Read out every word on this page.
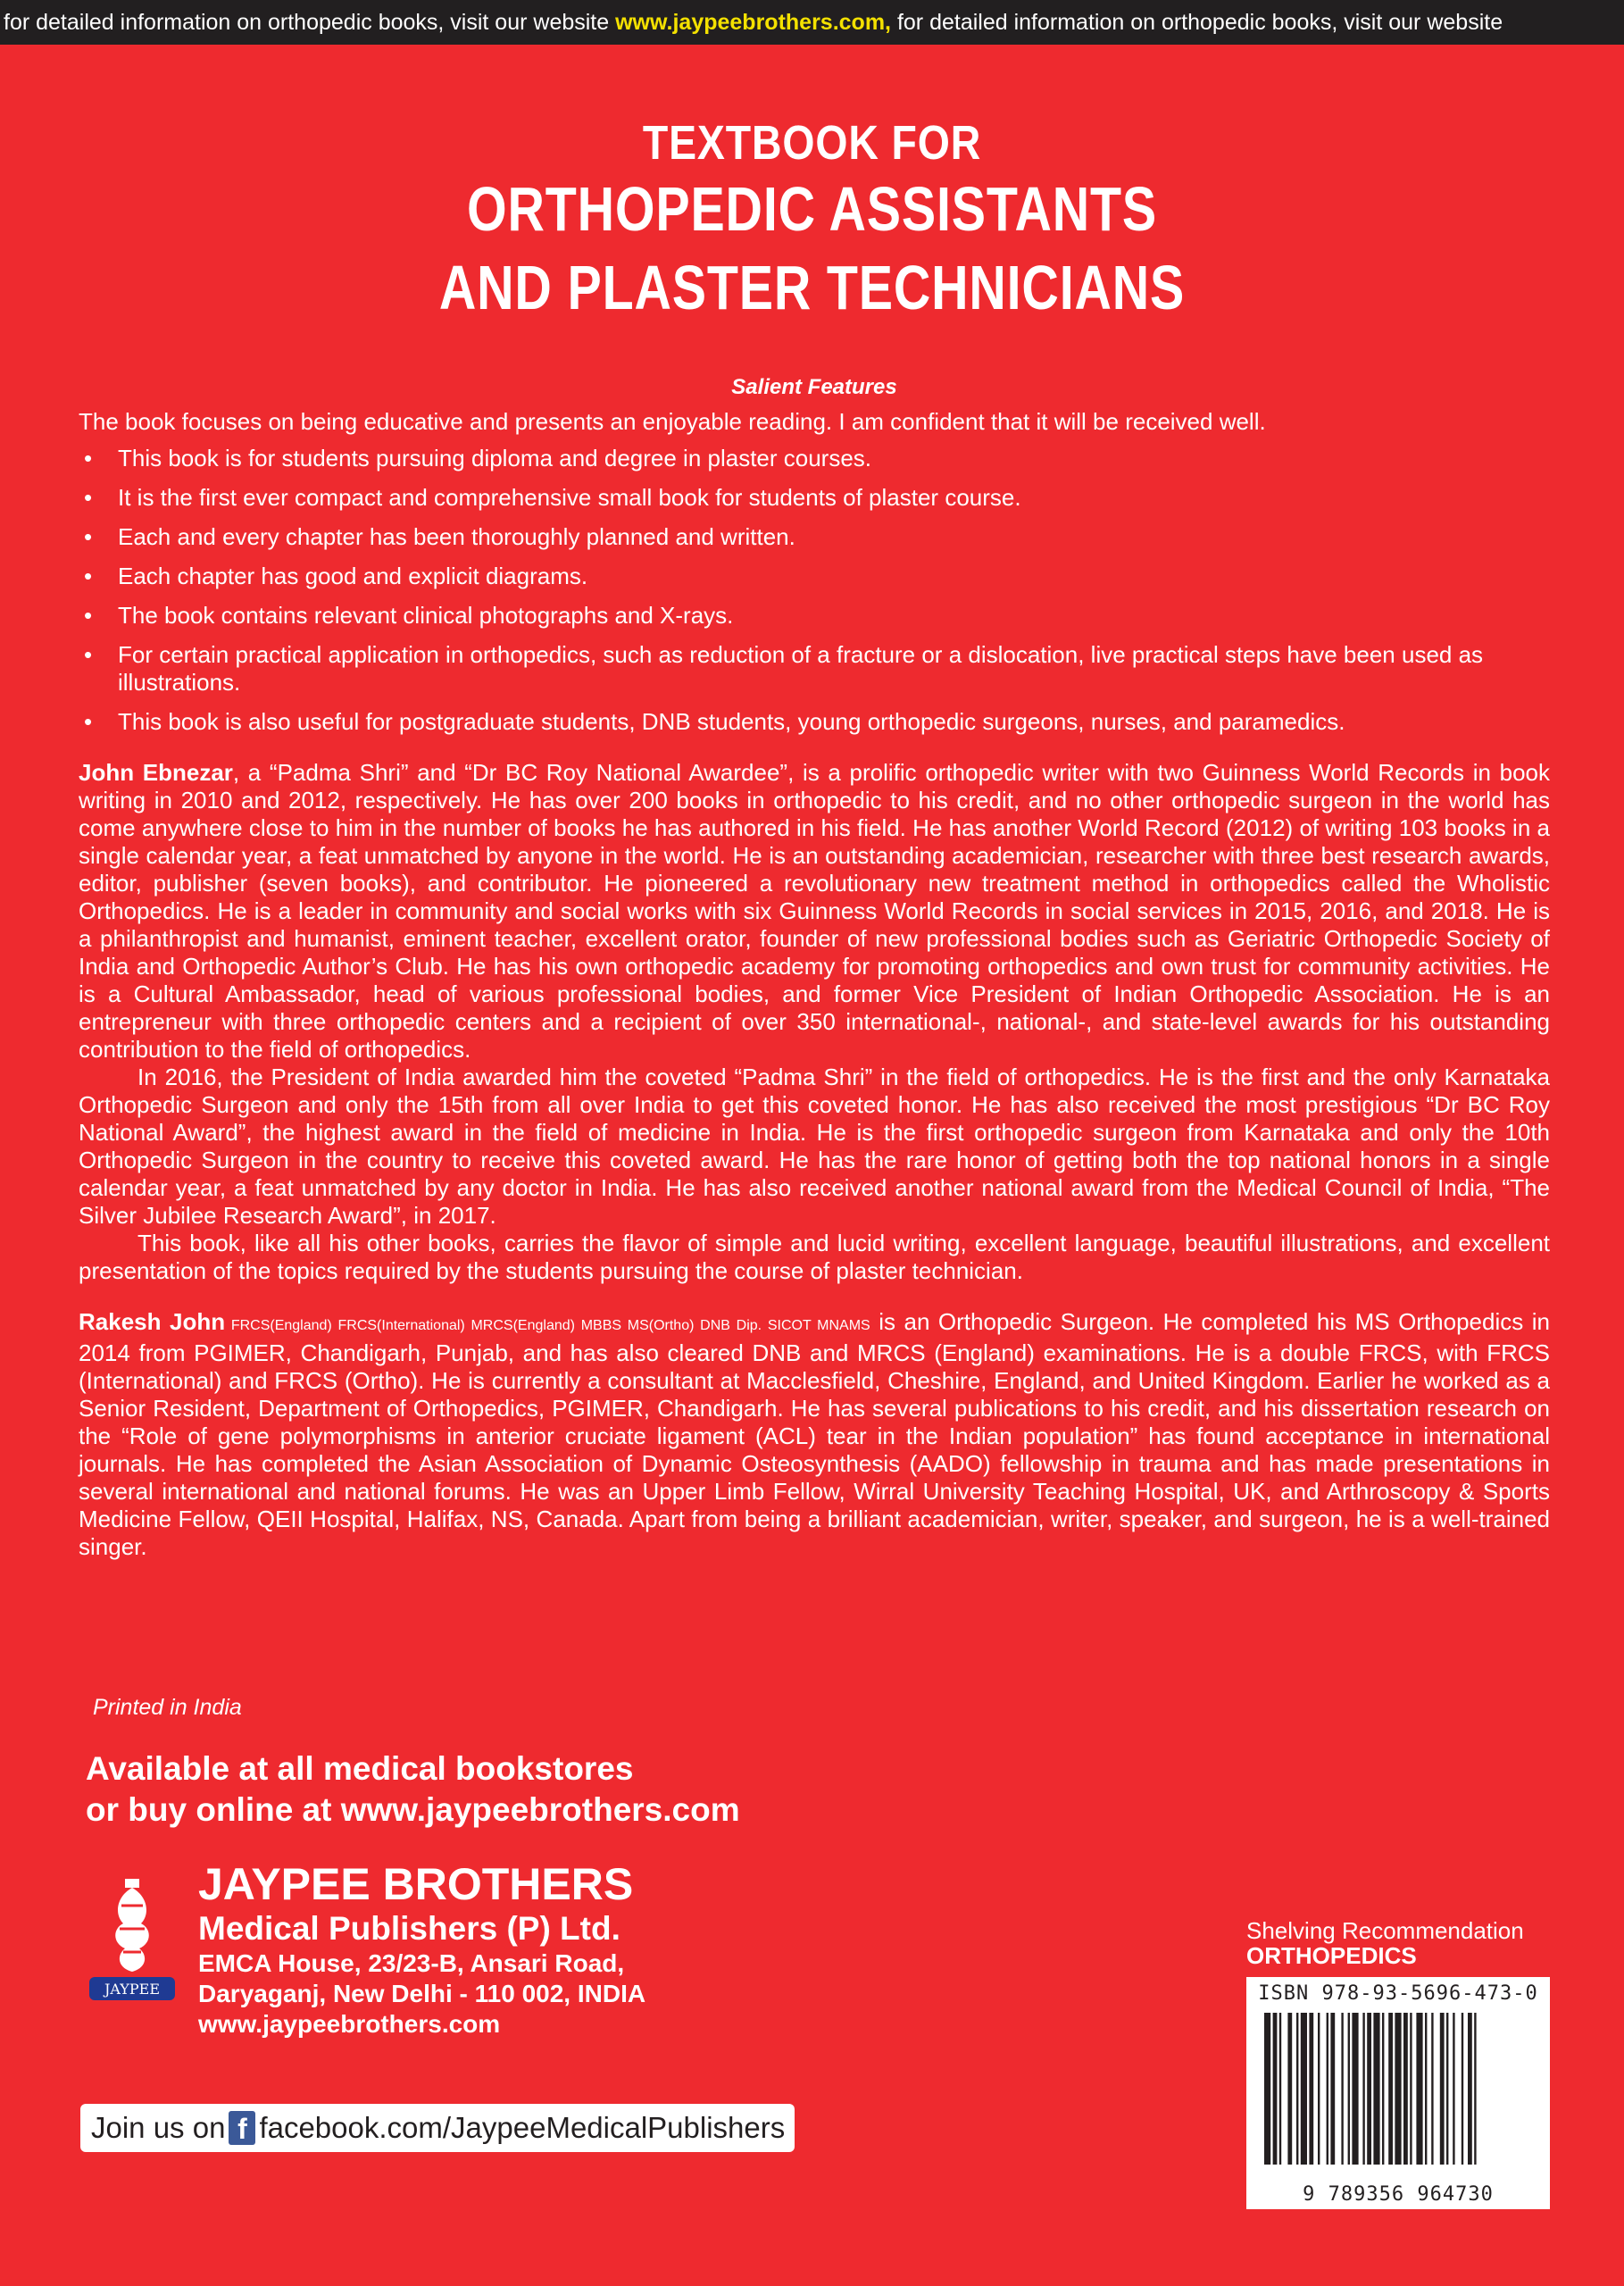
for detailed information on orthopedic books, visit our website www.jaypeebrothers.com, for detailed information on orthopedic books, visit our website
TEXTBOOK FOR
ORTHOPEDIC ASSISTANTS
AND PLASTER TECHNICIANS
Salient Features

The book focuses on being educative and presents an enjoyable reading. I am confident that it will be received well.

• This book is for students pursuing diploma and degree in plaster courses.
• It is the first ever compact and comprehensive small book for students of plaster course.
• Each and every chapter has been thoroughly planned and written.
• Each chapter has good and explicit diagrams.
• The book contains relevant clinical photographs and X-rays.
• For certain practical application in orthopedics, such as reduction of a fracture or a dislocation, live practical steps have been used as illustrations.
• This book is also useful for postgraduate students, DNB students, young orthopedic surgeons, nurses, and paramedics.

John Ebnezar, a “Padma Shri” and “Dr BC Roy National Awardee”, is a prolific orthopedic writer with two Guinness World Records in book writing in 2010 and 2012, respectively. He has over 200 books in orthopedic to his credit, and no other orthopedic surgeon in the world has come anywhere close to him in the number of books he has authored in his field. He has another World Record (2012) of writing 103 books in a single calendar year, a feat unmatched by anyone in the world. He is an outstanding academician, researcher with three best research awards, editor, publisher (seven books), and contributor. He pioneered a revolutionary new treatment method in orthopedics called the Wholistic Orthopedics. He is a leader in community and social works with six Guinness World Records in social services in 2015, 2016, and 2018. He is a philanthropist and humanist, eminent teacher, excellent orator, founder of new professional bodies such as Geriatric Orthopedic Society of India and Orthopedic Author’s Club. He has his own orthopedic academy for promoting orthopedics and own trust for community activities. He is a Cultural Ambassador, head of various professional bodies, and former Vice President of Indian Orthopedic Association. He is an entrepreneur with three orthopedic centers and a recipient of over 350 international-, national-, and state-level awards for his outstanding contribution to the field of orthopedics.

In 2016, the President of India awarded him the coveted “Padma Shri” in the field of orthopedics. He is the first and the only Karnataka Orthopedic Surgeon and only the 15th from all over India to get this coveted honor. He has also received the most prestigious “Dr BC Roy National Award”, the highest award in the field of medicine in India. He is the first orthopedic surgeon from Karnataka and only the 10th Orthopedic Surgeon in the country to receive this coveted award. He has the rare honor of getting both the top national honors in a single calendar year, a feat unmatched by any doctor in India. He has also received another national award from the Medical Council of India, “The Silver Jubilee Research Award”, in 2017.

This book, like all his other books, carries the flavor of simple and lucid writing, excellent language, beautiful illustrations, and excellent presentation of the topics required by the students pursuing the course of plaster technician.

Rakesh John FRCS(England) FRCS(International) MRCS(England) MBBS MS(Ortho) DNB Dip. SICOT MNAMS is an Orthopedic Surgeon. He completed his MS Orthopedics in 2014 from PGIMER, Chandigarh, Punjab, and has also cleared DNB and MRCS (England) examinations. He is a double FRCS, with FRCS (International) and FRCS (Ortho). He is currently a consultant at Macclesfield, Cheshire, England, and United Kingdom. Earlier he worked as a Senior Resident, Department of Orthopedics, PGIMER, Chandigarh. He has several publications to his credit, and his dissertation research on the “Role of gene polymorphisms in anterior cruciate ligament (ACL) tear in the Indian population” has found acceptance in international journals. He has completed the Asian Association of Dynamic Osteosynthesis (AADO) fellowship in trauma and has made presentations in several international and national forums. He was an Upper Limb Fellow, Wirral University Teaching Hospital, UK, and Arthroscopy & Sports Medicine Fellow, QEII Hospital, Halifax, NS, Canada. Apart from being a brilliant academician, writer, speaker, and surgeon, he is a well-trained singer.

Printed in India
Available at all medical bookstores
or buy online at www.jaypeebrothers.com
JAYPEE
JAYPEE BROTHERS
Medical Publishers (P) Ltd.
EMCA House, 23/23-B, Ansari Road,
Daryaganj, New Delhi - 110 002, INDIA
www.jaypeebrothers.com
Join us on f facebook.com/JaypeeMedicalPublishers
Shelving Recommendation
ORTHOPEDICS
ISBN 978-93-5696-473-0
9 789356 964730
